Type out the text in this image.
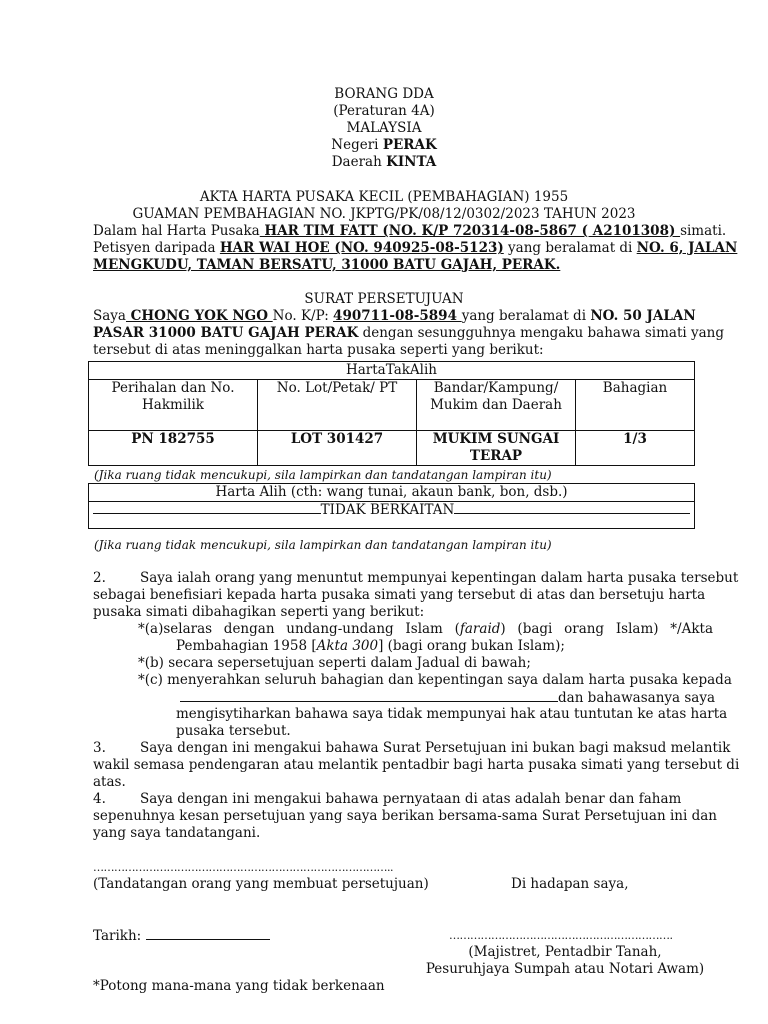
BORANG DDA
(Peraturan 4A)
MALAYSIA
Negeri PERAK
Daerah KINTA
AKTA HARTA PUSAKA KECIL (PEMBAHAGIAN) 1955
GUAMAN PEMBAHAGIAN NO. JKPTG/PK/08/12/0302/2023 TAHUN 2023
Dalam hal Harta Pusaka HAR TIM FATT (NO. K/P 720314-08-5867 ( A2101308) simati.
Petisyen daripada HAR WAI HOE (NO. 940925-08-5123) yang beralamat di NO. 6, JALAN
MENGKUDU, TAMAN BERSATU, 31000 BATU GAJAH, PERAK.
SURAT PERSETUJUAN
Saya CHONG YOK NGO No. K/P: 490711-08-5894 yang beralamat di NO. 50 JALAN
PASAR 31000 BATU GAJAH PERAK dengan sesungguhnya mengaku bahawa simati yang
tersebut di atas meninggalkan harta pusaka seperti yang berikut:
HartaTakAlih			
Perihalan dan No. Hakmilik	No. Lot/Petak/ PT	Bandar/Kampung/ Mukim dan Daerah	Bahagian
PN 182755	LOT 301427	MUKIM SUNGAI TERAP	1/3
(Jika ruang tidak mencukupi, sila lampirkan dan tandatangan lampiran itu)
Harta Alih (cth: wang tunai, akaun bank, bon, dsb.)
TIDAK BERKAITAN
(Jika ruang tidak mencukupi, sila lampirkan dan tandatangan lampiran itu)
2.	Saya ialah orang yang menuntut mempunyai kepentingan dalam harta pusaka tersebut
sebagai benefisiari kepada harta pusaka simati yang tersebut di atas dan bersetuju harta
pusaka simati dibahagikan seperti yang berikut:
*(a)selaras dengan undang-undang Islam (faraid) (bagi orang Islam) */Akta
Pembahagian 1958 [Akta 300] (bagi orang bukan Islam);
*(b) secara sepersetujuan seperti dalam Jadual di bawah;
*(c) menyerahkan seluruh bahagian dan kepentingan saya dalam harta pusaka kepada
dan bahawasanya saya
mengisytiharkan bahawa saya tidak mempunyai hak atau tuntutan ke atas harta
pusaka tersebut.
3.	Saya dengan ini mengakui bahawa Surat Persetujuan ini bukan bagi maksud melantik
wakil semasa pendengaran atau melantik pentadbir bagi harta pusaka simati yang tersebut di
atas.
4.	Saya dengan ini mengakui bahawa pernyataan di atas adalah benar dan faham
sepenuhnya kesan persetujuan yang saya berikan bersama-sama Surat Persetujuan ini dan
yang saya tandatangani.
…………………………………………………………………………..
(Tandatangan orang yang membuat persetujuan)	Di hadapan saya,
Tarikh:	……………………………………………………….
(Majistret, Pentadbir Tanah,
Pesuruhjaya Sumpah atau Notari Awam)
*Potong mana-mana yang tidak berkenaan
